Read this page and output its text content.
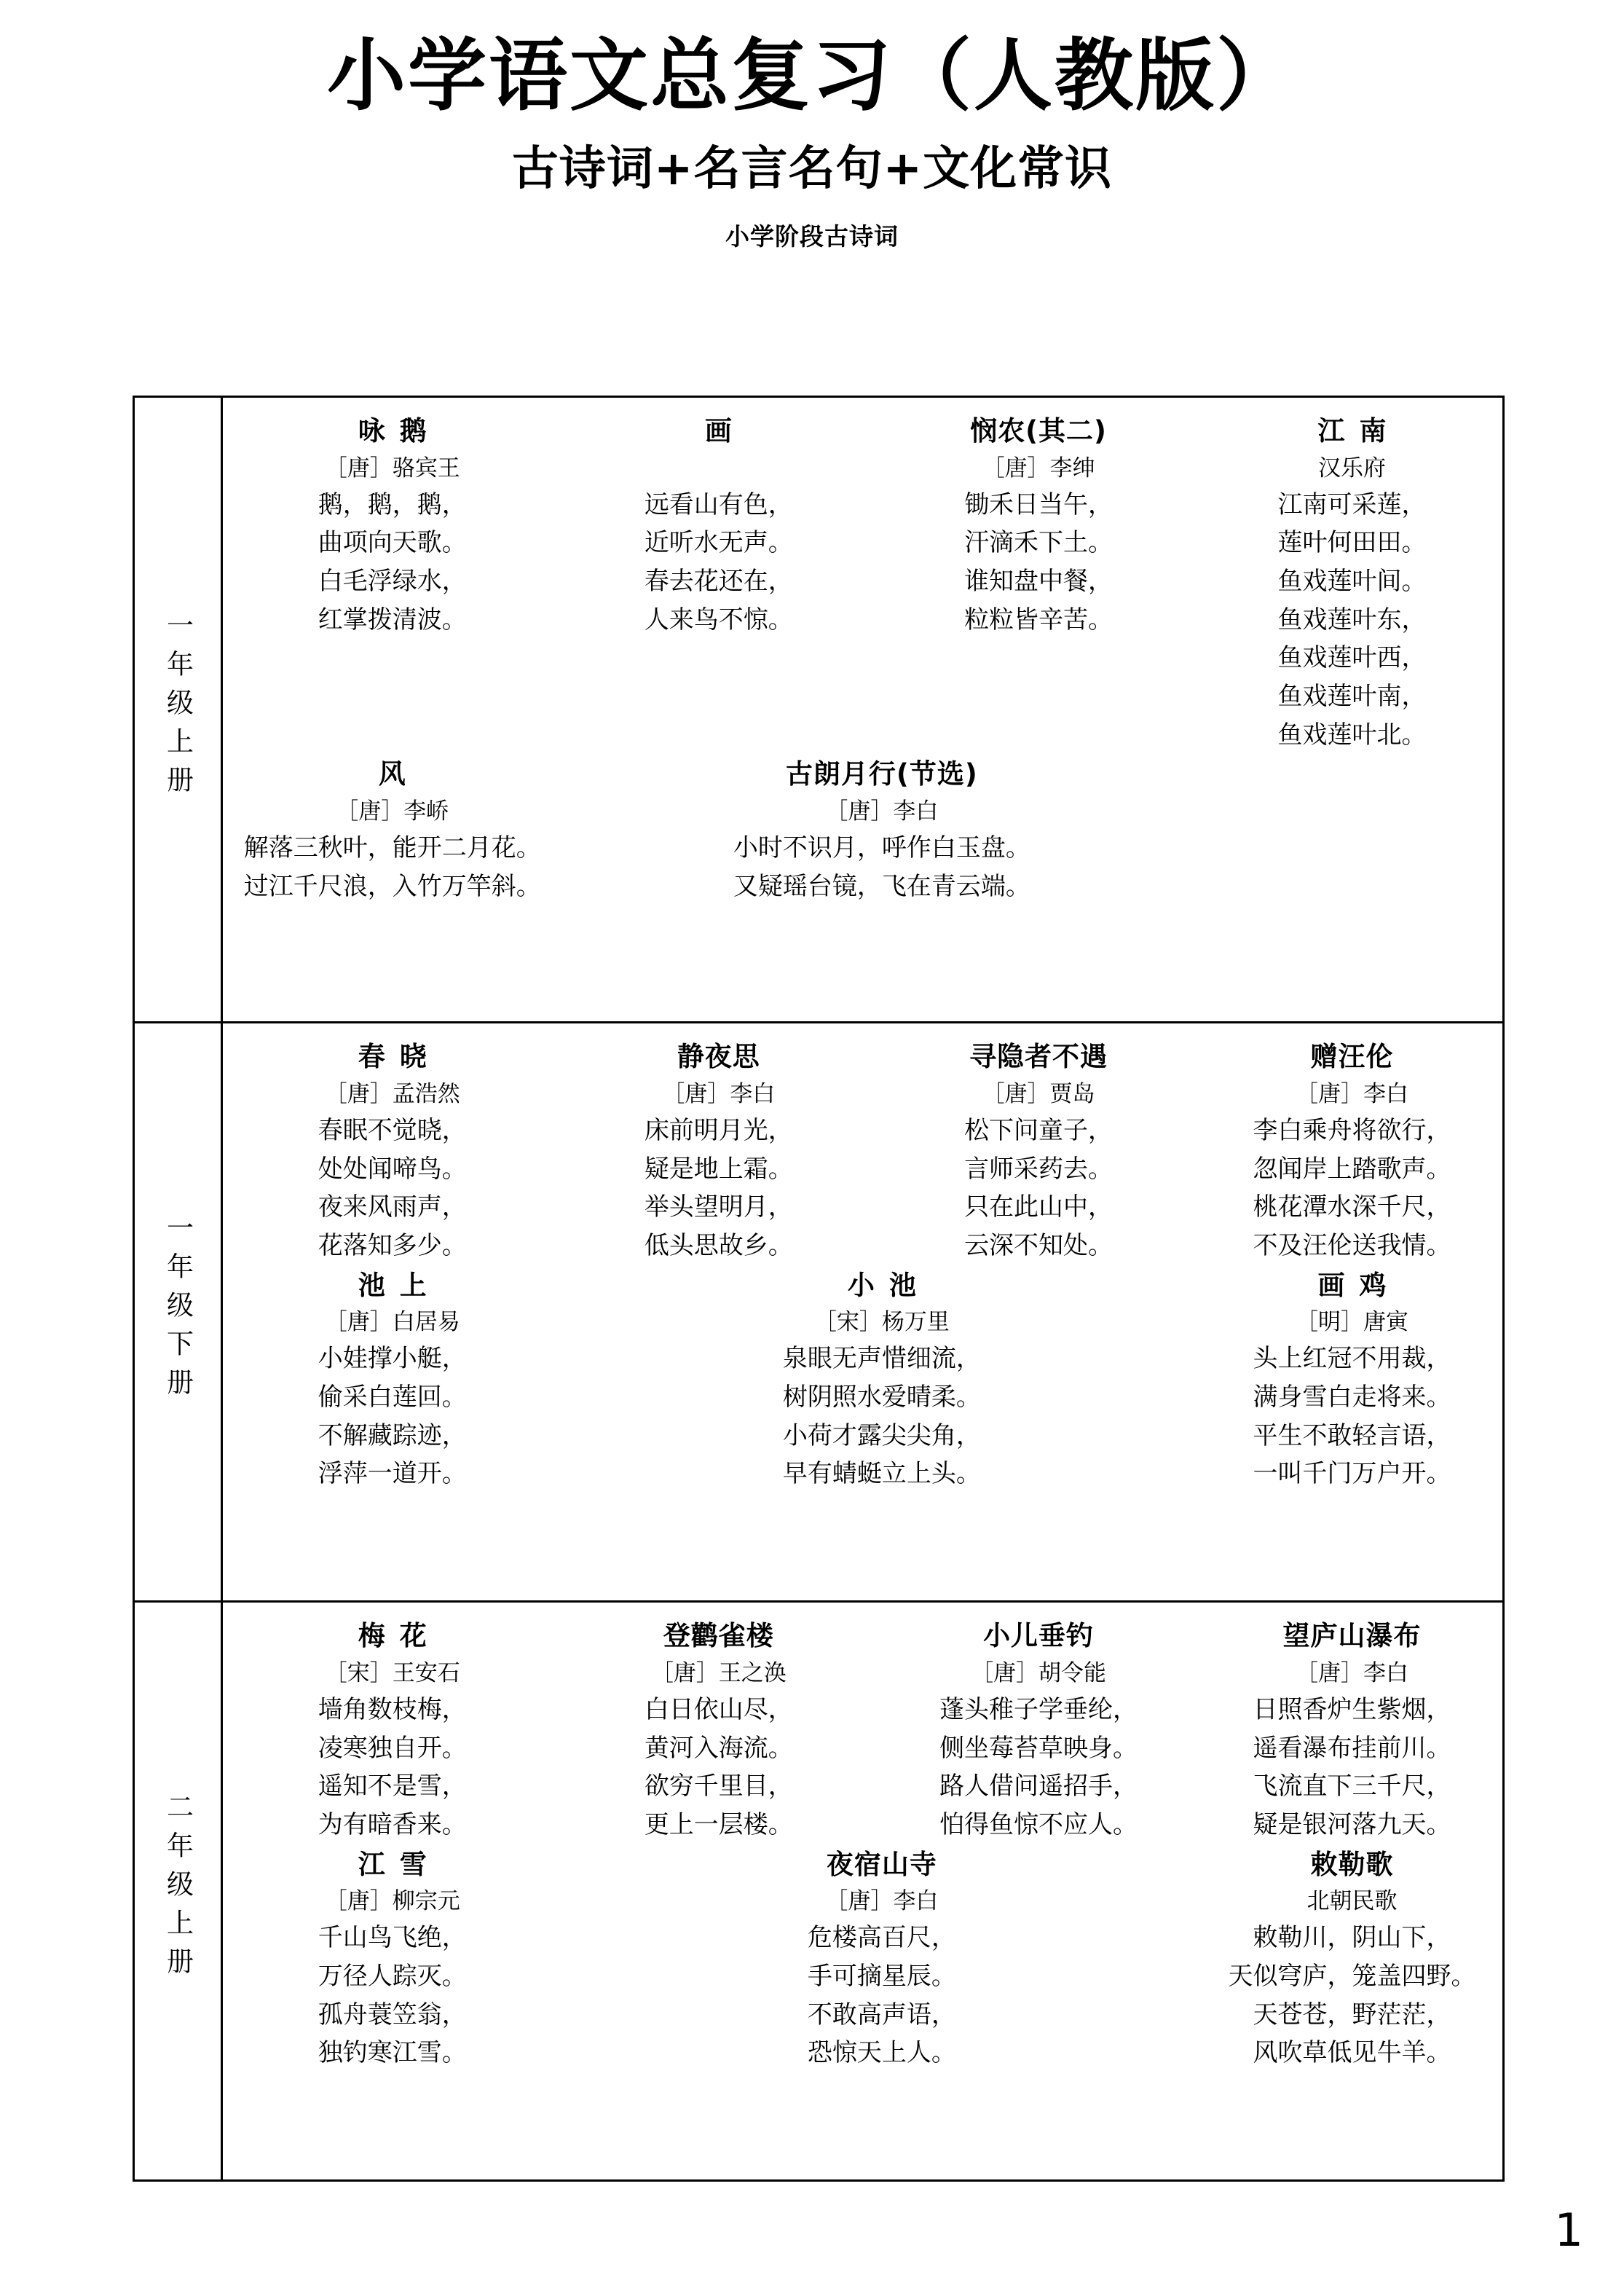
小学语文总复习（人教版）
古诗词+名言名句+文化常识
小学阶段古诗词
一年级上册	
咏鹅
［唐］骆宾王
鹅，鹅，鹅，
曲项向天歌。
白毛浮绿水，
红掌拨清波。
画

远看山有色，
近听水无声。
春去花还在，
人来鸟不惊。
悯农(其二)
［唐］李绅
锄禾日当午，
汗滴禾下土。
谁知盘中餐，
粒粒皆辛苦。
江南
汉乐府
江南可采莲，
莲叶何田田。
鱼戏莲叶间。
鱼戏莲叶东，
鱼戏莲叶西，
鱼戏莲叶南，
鱼戏莲叶北。
风
［唐］李峤
解落三秋叶，能开二月花。
过江千尺浪，入竹万竿斜。
古朗月行(节选)
［唐］李白
小时不识月，呼作白玉盘。
又疑瑶台镜，飞在青云端。

一年级下册	
春晓
［唐］孟浩然
春眠不觉晓，
处处闻啼鸟。
夜来风雨声，
花落知多少。
静夜思
［唐］李白
床前明月光，
疑是地上霜。
举头望明月，
低头思故乡。
寻隐者不遇
［唐］贾岛
松下问童子，
言师采药去。
只在此山中，
云深不知处。
赠汪伦
［唐］李白
李白乘舟将欲行，
忽闻岸上踏歌声。
桃花潭水深千尺，
不及汪伦送我情。
池上
［唐］白居易
小娃撑小艇，
偷采白莲回。
不解藏踪迹，
浮萍一道开。
小池
［宋］杨万里
泉眼无声惜细流，
树阴照水爱晴柔。
小荷才露尖尖角，
早有蜻蜓立上头。
画鸡
［明］唐寅
头上红冠不用裁，
满身雪白走将来。
平生不敢轻言语，
一叫千门万户开。

二年级上册	
梅花
［宋］王安石
墙角数枝梅，
凌寒独自开。
遥知不是雪，
为有暗香来。
登鹳雀楼
［唐］王之涣
白日依山尽，
黄河入海流。
欲穷千里目，
更上一层楼。
小儿垂钓
［唐］胡令能
蓬头稚子学垂纶，
侧坐莓苔草映身。
路人借问遥招手，
怕得鱼惊不应人。
望庐山瀑布
［唐］李白
日照香炉生紫烟，
遥看瀑布挂前川。
飞流直下三千尺，
疑是银河落九天。
江雪
［唐］柳宗元
千山鸟飞绝，
万径人踪灭。
孤舟蓑笠翁，
独钓寒江雪。
夜宿山寺
［唐］李白
危楼高百尺，
手可摘星辰。
不敢高声语，
恐惊天上人。
敕勒歌
北朝民歌
敕勒川，阴山下，
天似穹庐，笼盖四野。
天苍苍，野茫茫，
风吹草低见牛羊。
1
